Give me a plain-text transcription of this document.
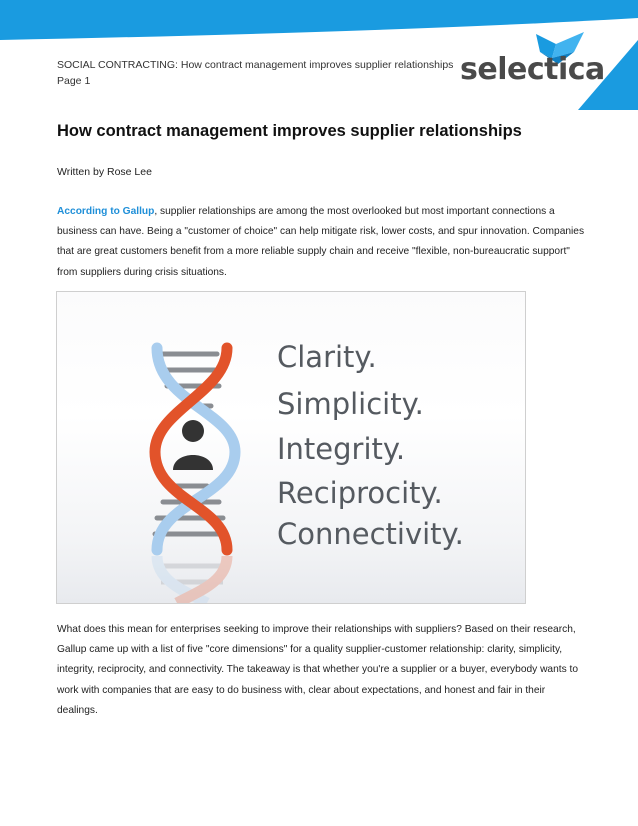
SOCIAL CONTRACTING: How contract management improves supplier relationships
Page 1	selectica
How contract management improves supplier relationships
Written by Rose Lee
According to Gallup, supplier relationships are among the most overlooked but most important connections a business can have. Being a "customer of choice" can help mitigate risk, lower costs, and spur innovation. Companies that are great customers benefit from a more reliable supply chain and receive "flexible, non-bureaucratic support" from suppliers during crisis situations.
Clarity.
Simplicity.
Integrity.
Reciprocity.
Connectivity.
What does this mean for enterprises seeking to improve their relationships with suppliers? Based on their research, Gallup came up with a list of five "core dimensions" for a quality supplier-customer relationship: clarity, simplicity, integrity, reciprocity, and connectivity. The takeaway is that whether you're a supplier or a buyer, everybody wants to work with companies that are easy to do business with, clear about expectations, and honest and fair in their dealings.
